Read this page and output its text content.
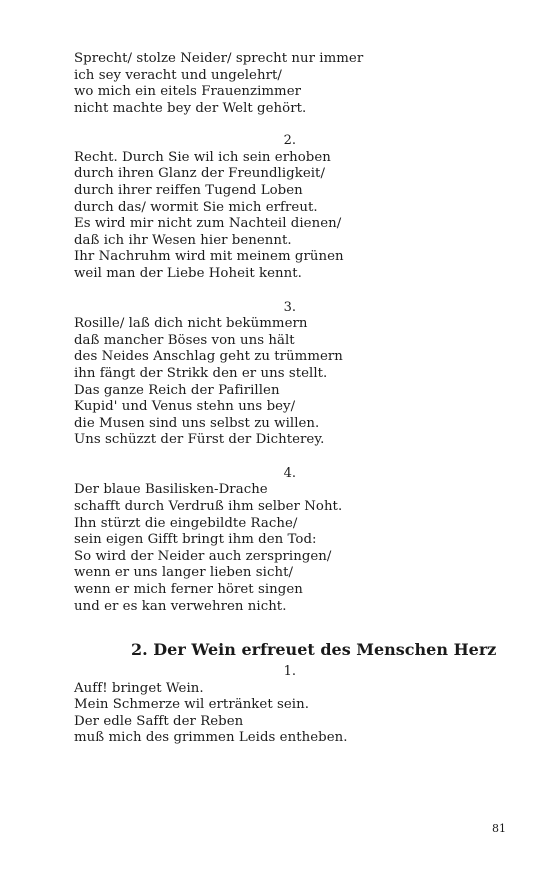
Sprecht/ stolze Neider/ sprecht nur immer
ich sey veracht und ungelehrt/
wo mich ein eitels Frauenzimmer
nicht machte bey der Welt gehört.
2.
Recht. Durch Sie wil ich sein erhoben
durch ihren Glanz der Freundligkeit/
durch ihrer reiffen Tugend Loben
durch das/ wormit Sie mich erfreut.
Es wird mir nicht zum Nachteil dienen/
daß ich ihr Wesen hier benennt.
Ihr Nachruhm wird mit meinem grünen
weil man der Liebe Hoheit kennt.
3.
Rosille/ laß dich nicht bekümmern
daß mancher Böses von uns hält
des Neides Anschlag geht zu trümmern
ihn fängt der Strikk den er uns stellt.
Das ganze Reich der Pafirillen
Kupid' und Venus stehn uns bey/
die Musen sind uns selbst zu willen.
Uns schüzzt der Fürst der Dichterey.
4.
Der blaue Basilisken-Drache
schafft durch Verdruß ihm selber Noht.
Ihn stürzt die eingebildte Rache/
sein eigen Gifft bringt ihm den Tod:
So wird der Neider auch zerspringen/
wenn er uns langer lieben sicht/
wenn er mich ferner höret singen
und er es kan verwehren nicht.
2. Der Wein erfreuet des Menschen Herz
1.
Auff! bringet Wein.
Mein Schmerze wil ertränket sein.
Der edle Safft der Reben
muß mich des grimmen Leids entheben.
81
